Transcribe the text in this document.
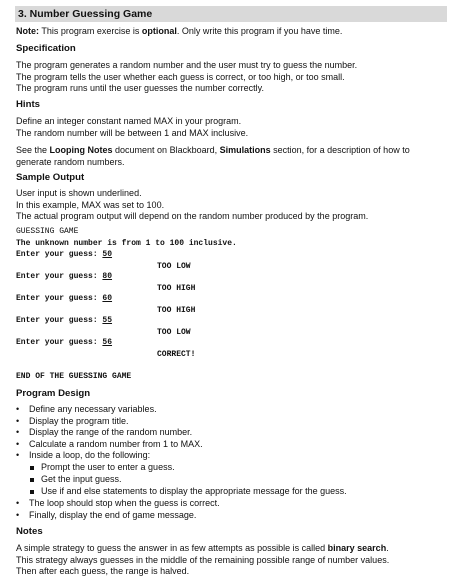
3. Number Guessing Game
Note: This program exercise is optional. Only write this program if you have time.
Specification
The program generates a random number and the user must try to guess the number.
The program tells the user whether each guess is correct, or too high, or too small.
The program runs until the user guesses the number correctly.
Hints
Define an integer constant named MAX in your program.
The random number will be between 1 and MAX inclusive.
See the Looping Notes document on Blackboard, Simulations section, for a description of how to
generate random numbers.
Sample Output
User input is shown underlined.
In this example, MAX was set to 100.
The actual program output will depend on the random number produced by the program.
GUESSING GAME
The unknown number is from 1 to 100 inclusive.
Enter your guess: 50
TOO LOW
Enter your guess: 80
TOO HIGH
Enter your guess: 60
TOO HIGH
Enter your guess: 55
TOO LOW
Enter your guess: 56
CORRECT!
END OF THE GUESSING GAME
Program Design
•	Define any necessary variables.
•	Display the program title.
•	Display the range of the random number.
•	Calculate a random number from 1 to MAX.
•	Inside a loop, do the following:
Prompt the user to enter a guess.
Get the input guess.
Use if and else statements to display the appropriate message for the guess.
•	The loop should stop when the guess is correct.
•	Finally, display the end of game message.
Notes
A simple strategy to guess the answer in as few attempts as possible is called binary search.
This strategy always guesses in the middle of the remaining possible range of number values.
Then after each guess, the range is halved.
